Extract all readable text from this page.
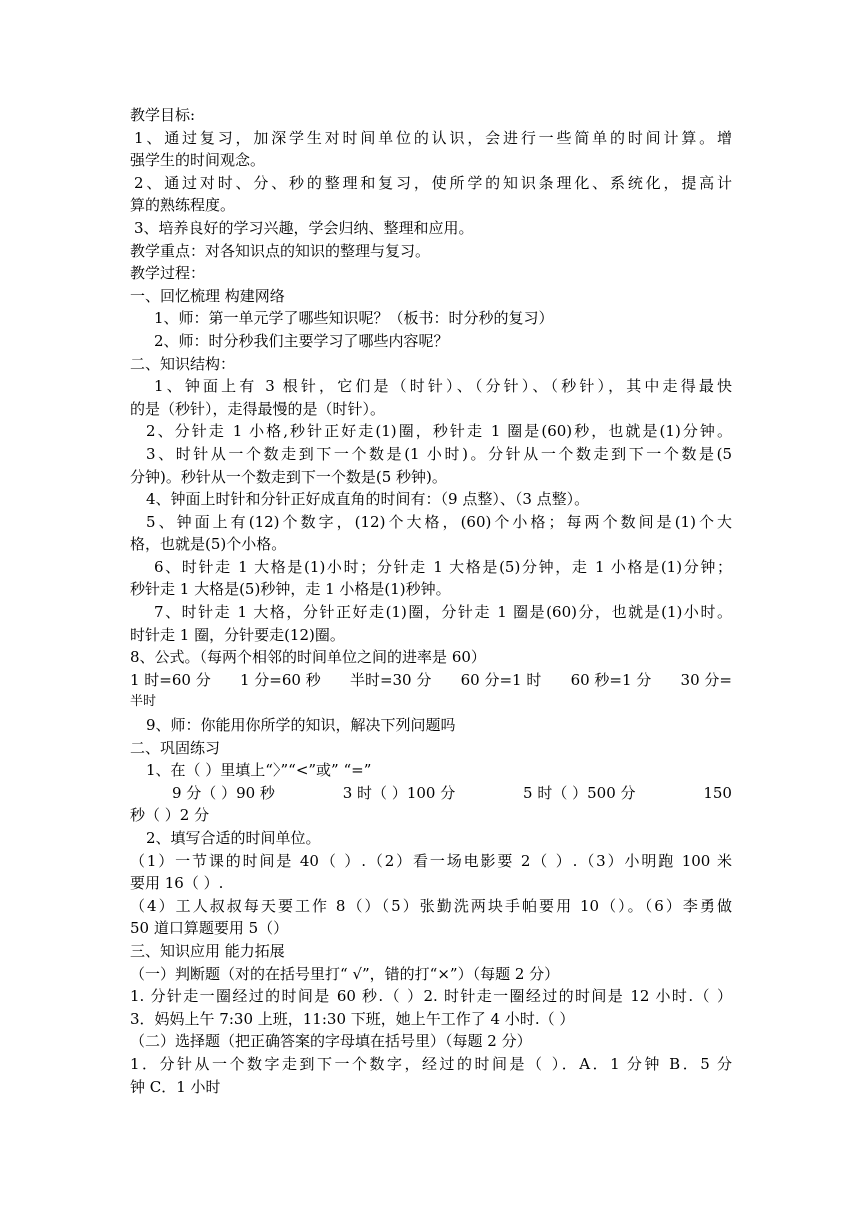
教学目标:
1、通过复习，加深学生对时间单位的认识，会进行一些简单的时间计算。增
强学生的时间观念。
2、通过对时、分、秒的整理和复习，使所学的知识条理化、系统化，提高计
算的熟练程度。
3、培养良好的学习兴趣，学会归纳、整理和应用。
教学重点：对各知识点的知识的整理与复习。
教学过程：
一、回忆梳理 构建网络
1、师：第一单元学了哪些知识呢？（板书：时分秒的复习）
2、师：时分秒我们主要学习了哪些内容呢？
二、知识结构：
1、钟面上有 3 根针，它们是（时针）、（分针）、（秒针），其中走得最快
的是（秒针），走得最慢的是（时针）。
2、分针走 1 小格,秒针正好走(1)圈，秒针走 1 圈是(60)秒，也就是(1)分钟。
3、时针从一个数走到下一个数是(1 小时)。分针从一个数走到下一个数是(5
分钟)。秒针从一个数走到下一个数是(5 秒钟)。
4、钟面上时针和分针正好成直角的时间有：（9 点整）、（3 点整）。
5、钟面上有(12)个数字，(12)个大格，(60)个小格；每两个数间是(1)个大
格，也就是(5)个小格。
6、时针走 1 大格是(1)小时；分针走 1 大格是(5)分钟，走 1 小格是(1)分钟；
秒针走 1 大格是(5)秒钟，走 1 小格是(1)秒钟。
7、时针走 1 大格，分针正好走(1)圈，分针走 1 圈是(60)分，也就是(1)小时。
时针走 1 圈，分针要走(12)圈。
8、公式。（每两个相邻的时间单位之间的进率是 60）
1 时=60 分 1 分=60 秒 半时=30 分 60 分=1 时 60 秒=1 分 30 分=
半时
9、师：你能用你所学的知识，解决下列问题吗
二、巩固练习
1、在（ ）里填上“〉”“<”或” “=”
9 分（ ）90 秒	3 时（ ）100 分	5 时（ ）500 分	150
秒（ ）2 分
2、填写合适的时间单位。
（1）一节课的时间是 40（ ）.（2）看一场电影要 2（ ）.（3）小明跑 100 米
要用 16（ ）.
（4）工人叔叔每天要工作 8（）（5）张勤洗两块手帕要用 10（）。（6）李勇做
50 道口算题要用 5（）
三、知识应用 能力拓展
（一）判断题（对的在括号里打“ √”，错的打“×”）（每题 2 分）
1. 分针走一圈经过的时间是 60 秒.（ ）2. 时针走一圈经过的时间是 12 小时.（ ）
3．妈妈上午 7:30 上班，11:30 下班，她上午工作了 4 小时.（ ）
（二）选择题（把正确答案的字母填在括号里）（每题 2 分）
1．分针从一个数字走到下一个数字，经过的时间是（ ）．A．1 分钟 B．5 分
钟 C．1 小时
